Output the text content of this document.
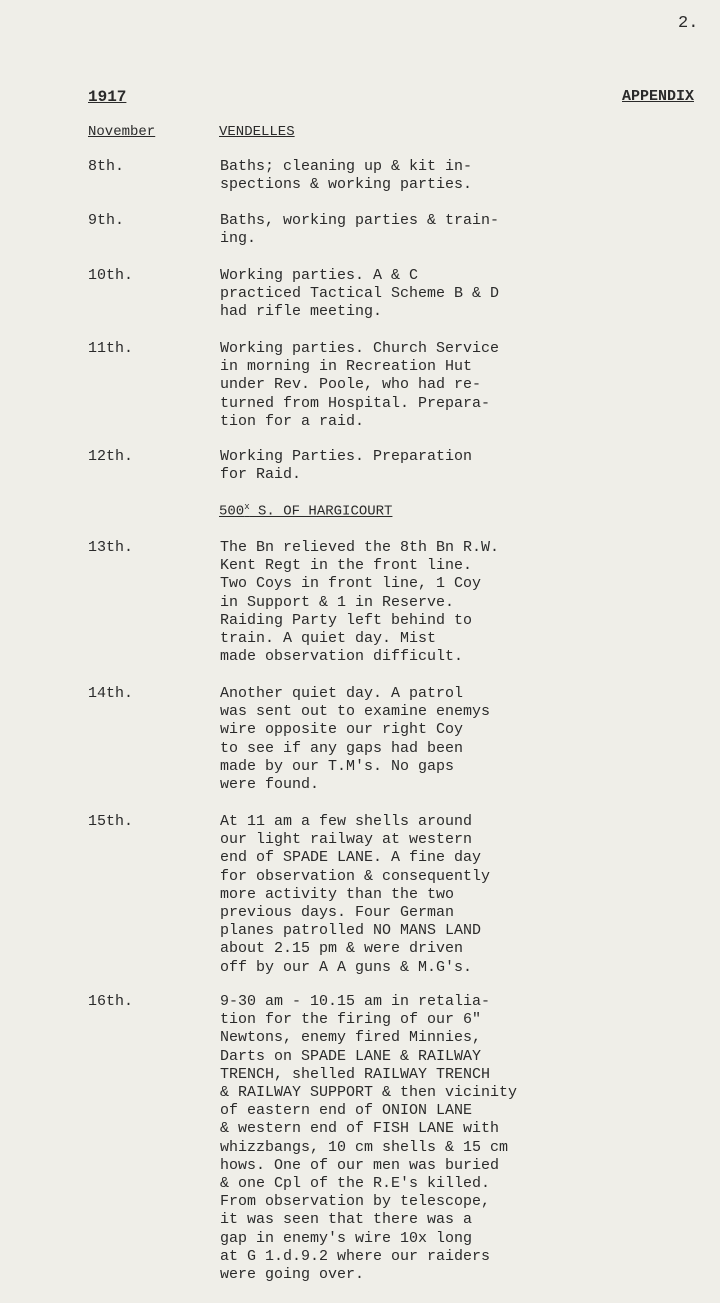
2.
1917	APPENDIX
November	VENDELLES
500$^x$ S. OF HARGICOURT
8th.	Baths; cleaning up & kit in-
spections & working parties.
9th.	Baths, working parties & train-
ing.
10th.	Working parties. A & C
practiced Tactical Scheme B & D
had rifle meeting.
11th.	Working parties. Church Service
in morning in Recreation Hut
under Rev. Poole, who had re-
turned from Hospital. Prepara-
tion for a raid.
12th.	Working Parties. Preparation
for Raid.
13th.	The Bn relieved the 8th Bn R.W.
Kent Regt in the front line.
Two Coys in front line, 1 Coy
in Support & 1 in Reserve.
Raiding Party left behind to
train. A quiet day. Mist
made observation difficult.
14th.	Another quiet day. A patrol
was sent out to examine enemys
wire opposite our right Coy
to see if any gaps had been
made by our T.M's. No gaps
were found.
15th.	At 11 am a few shells around
our light railway at western
end of SPADE LANE. A fine day
for observation & consequently
more activity than the two
previous days. Four German
planes patrolled NO MANS LAND
about 2.15 pm & were driven
off by our A A guns & M.G's.
16th.	9-30 am - 10.15 am in retalia-
tion for the firing of our 6"
Newtons, enemy fired Minnies,
Darts on SPADE LANE & RAILWAY
TRENCH, shelled RAILWAY TRENCH
& RAILWAY SUPPORT & then vicinity
of eastern end of ONION LANE
& western end of FISH LANE with
whizzbangs, 10 cm shells & 15 cm
hows. One of our men was buried
& one Cpl of the R.E's killed.
From observation by telescope,
it was seen that there was a
gap in enemy's wire 10x long
at G 1.d.9.2 where our raiders
were going over.
